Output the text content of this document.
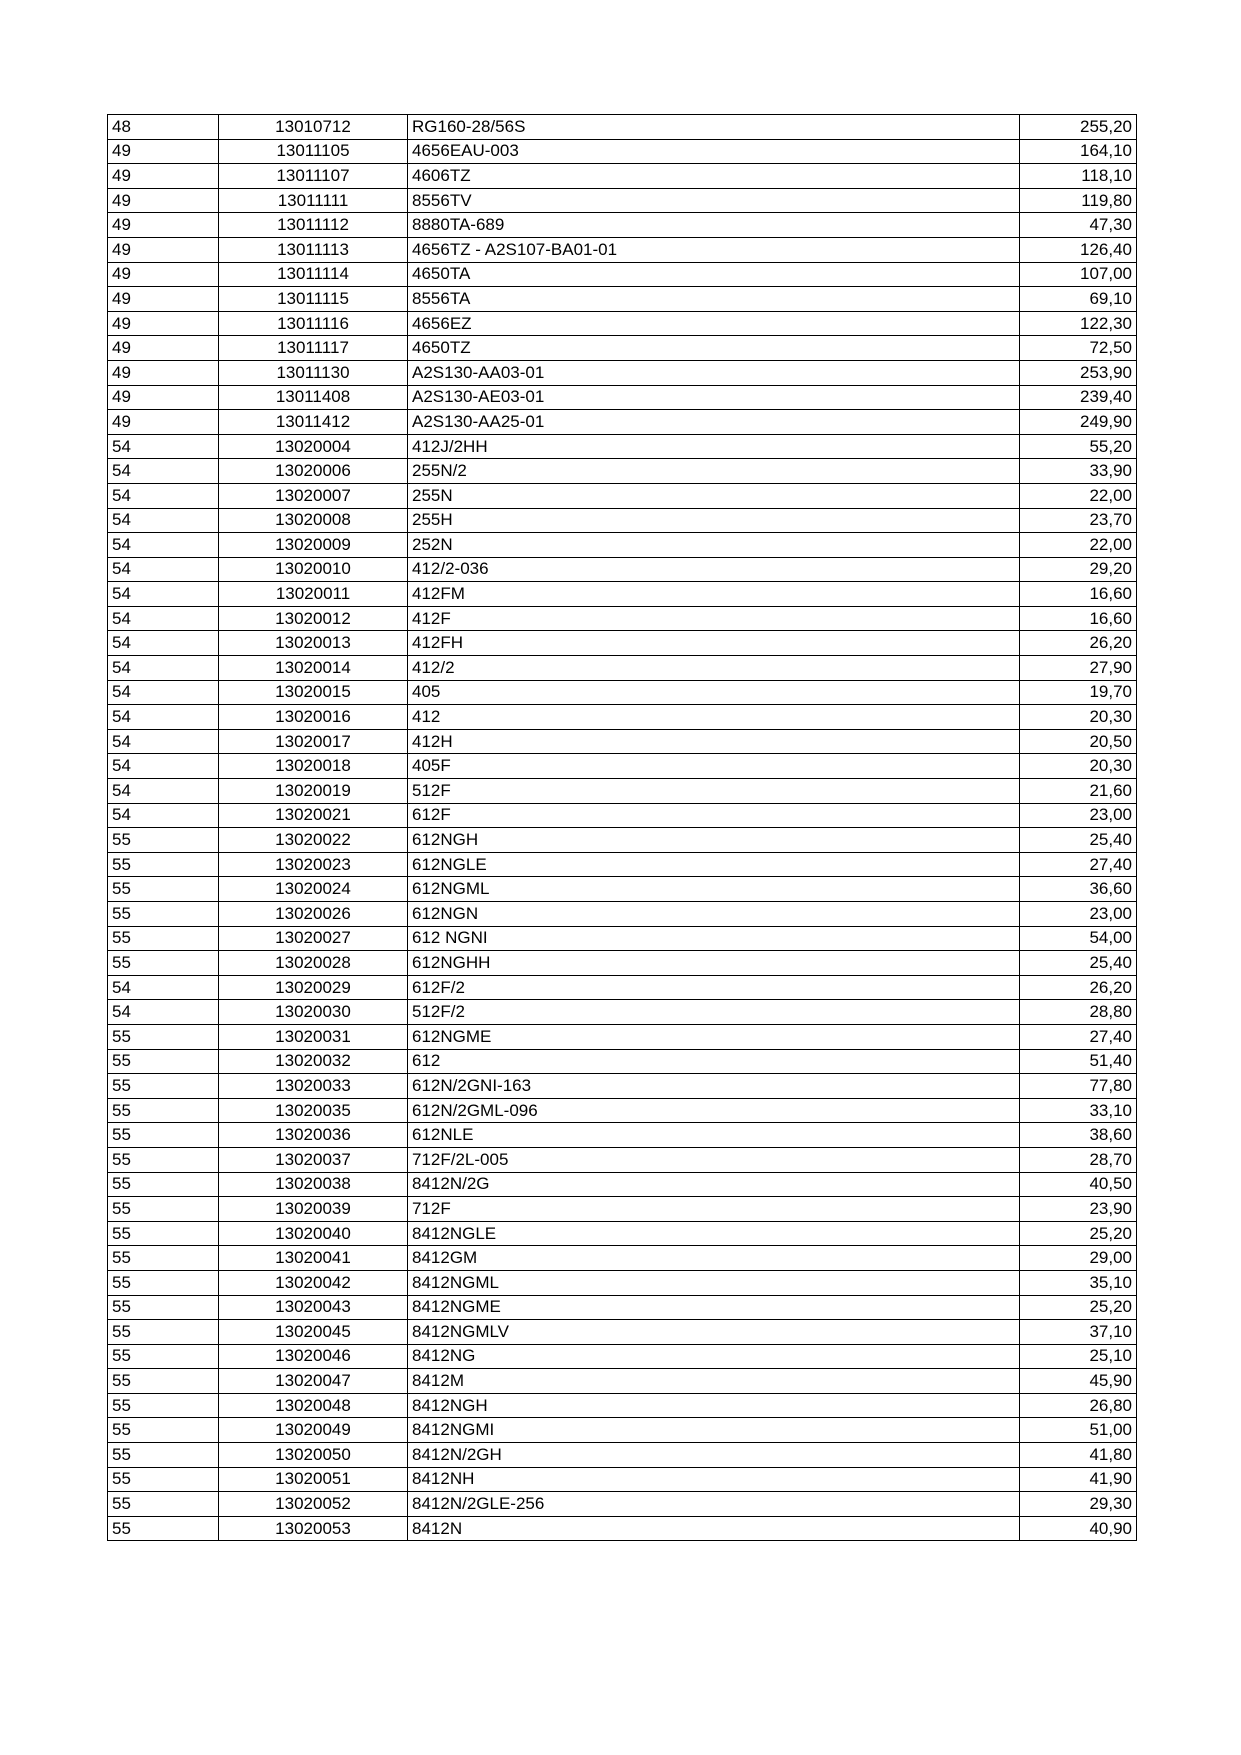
48	13010712	RG160-28/56S	255,20
49	13011105	4656EAU-003	164,10
49	13011107	4606TZ	118,10
49	13011111	8556TV	119,80
49	13011112	8880TA-689	47,30
49	13011113	4656TZ - A2S107-BA01-01	126,40
49	13011114	4650TA	107,00
49	13011115	8556TA	69,10
49	13011116	4656EZ	122,30
49	13011117	4650TZ	72,50
49	13011130	A2S130-AA03-01	253,90
49	13011408	A2S130-AE03-01	239,40
49	13011412	A2S130-AA25-01	249,90
54	13020004	412J/2HH	55,20
54	13020006	255N/2	33,90
54	13020007	255N	22,00
54	13020008	255H	23,70
54	13020009	252N	22,00
54	13020010	412/2-036	29,20
54	13020011	412FM	16,60
54	13020012	412F	16,60
54	13020013	412FH	26,20
54	13020014	412/2	27,90
54	13020015	405	19,70
54	13020016	412	20,30
54	13020017	412H	20,50
54	13020018	405F	20,30
54	13020019	512F	21,60
54	13020021	612F	23,00
55	13020022	612NGH	25,40
55	13020023	612NGLE	27,40
55	13020024	612NGML	36,60
55	13020026	612NGN	23,00
55	13020027	612 NGNI	54,00
55	13020028	612NGHH	25,40
54	13020029	612F/2	26,20
54	13020030	512F/2	28,80
55	13020031	612NGME	27,40
55	13020032	612	51,40
55	13020033	612N/2GNI-163	77,80
55	13020035	612N/2GML-096	33,10
55	13020036	612NLE	38,60
55	13020037	712F/2L-005	28,70
55	13020038	8412N/2G	40,50
55	13020039	712F	23,90
55	13020040	8412NGLE	25,20
55	13020041	8412GM	29,00
55	13020042	8412NGML	35,10
55	13020043	8412NGME	25,20
55	13020045	8412NGMLV	37,10
55	13020046	8412NG	25,10
55	13020047	8412M	45,90
55	13020048	8412NGH	26,80
55	13020049	8412NGMI	51,00
55	13020050	8412N/2GH	41,80
55	13020051	8412NH	41,90
55	13020052	8412N/2GLE-256	29,30
55	13020053	8412N	40,90
